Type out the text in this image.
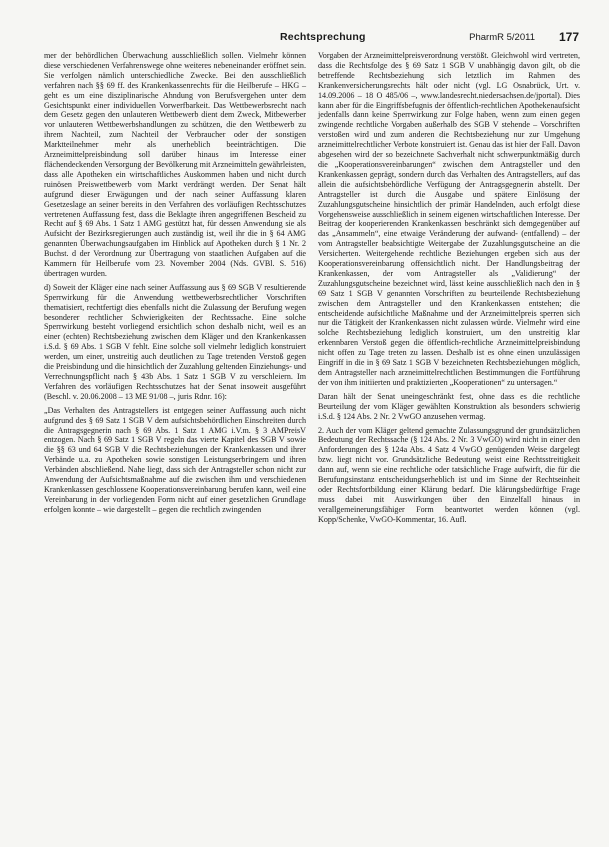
Rechtsprechung	PharmR 5/2011 177

mer der behördlichen Überwachung ausschließlich sollen. Vielmehr können diese verschiedenen Verfahrenswege ohne weiteres nebeneinander eröffnet sein. Sie verfolgen nämlich unterschiedliche Zwecke. Bei den ausschließlich verfahren nach §§ 69 ff. des Krankenkassenrechts für die Heilberufe – HKG – geht es um eine disziplinarische Ahndung von Berufsvergehen unter dem Gesichtspunkt einer individuellen Vorwerfbarkeit. Das Wettbewerbsrecht nach dem Gesetz gegen den unlauteren Wettbewerb dient dem Zweck, Mitbewerber vor unlauteren Wettbewerbshandlungen zu schützen, die den Wettbewerb zu ihrem Nachteil, zum Nachteil der Verbraucher oder der sonstigen Marktteilnehmer mehr als unerheblich beeinträchtigen. Die Arzneimittelpreisbindung soll darüber hinaus im Interesse einer flächendeckenden Versorgung der Bevölkerung mit Arzneimitteln gewährleisten, dass alle Apotheken ein wirtschaftliches Auskommen haben und nicht durch ruinösen Preiswettbewerb vom Markt verdrängt werden. Der Senat hält aufgrund dieser Erwägungen und der nach seiner Auffassung klaren Gesetzeslage an seiner bereits in den Verfahren des vorläufigen Rechtsschutzes vertretenen Auffassung fest, dass die Beklagte ihren angegriffenen Bescheid zu Recht auf § 69 Abs. 1 Satz 1 AMG gestützt hat, für dessen Anwendung sie als Aufsicht der Bezirksregierungen auch zuständig ist, weil ihr die in § 64 AMG genannten Überwachungsaufgaben im Hinblick auf Apotheken durch § 1 Nr. 2 Buchst. d der Verordnung zur Übertragung von staatlichen Aufgaben auf die Kammern für Heilberufe vom 23. November 2004 (Nds. GVBl. S. 516) übertragen wurden.

d) Soweit der Kläger eine nach seiner Auffassung aus § 69 SGB V resultierende Sperrwirkung für die Anwendung wettbewerbsrechtlicher Vorschriften thematisiert, rechtfertigt dies ebenfalls nicht die Zulassung der Berufung wegen besonderer rechtlicher Schwierigkeiten der Rechtssache. Eine solche Sperrwirkung besteht vorliegend ersichtlich schon deshalb nicht, weil es an einer (echten) Rechtsbeziehung zwischen dem Kläger und den Krankenkassen i.S.d. § 69 Abs. 1 SGB V fehlt. Eine solche soll vielmehr lediglich konstruiert werden, um einer, unstreitig auch deutlichen zu Tage tretenden Verstoß gegen die Preisbindung und die hinsichtlich der Zuzahlung geltenden Einziehungs- und Verrechnungspflicht nach § 43b Abs. 1 Satz 1 SGB V zu verschleiern. Im Verfahren des vorläufigen Rechtsschutzes hat der Senat insoweit ausgeführt (Beschl. v. 20.06.2008 – 13 ME 91/08 –, juris Rdnr. 16):

„Das Verhalten des Antragstellers ist entgegen seiner Auffassung auch nicht aufgrund des § 69 Satz 1 SGB V dem aufsichtsbehördlichen Einschreiten durch die Antragsgegnerin nach § 69 Abs. 1 Satz 1 AMG i.V.m. § 3 AMPreisV entzogen. Nach § 69 Satz 1 SGB V regeln das vierte Kapitel des SGB V sowie die §§ 63 und 64 SGB V die Rechtsbeziehungen der Krankenkassen und ihrer Verbände u.a. zu Apotheken sowie sonstigen Leistungserbringern und ihren Verbänden abschließend. Nahe liegt, dass sich der Antragsteller schon nicht zur Anwendung der Aufsichtsmaßnahme auf die zwischen ihm und verschiedenen Krankenkassen geschlossene Kooperationsvereinbarung berufen kann, weil eine Vereinbarung in der vorliegenden Form nicht auf einer gesetzlichen Grundlage erfolgen konnte – wie dargestellt – gegen die rechtlich zwingenden

Vorgaben der Arzneimittelpreisverordnung verstößt. Gleichwohl wird vertreten, dass die Rechtsfolge des § 69 Satz 1 SGB V unabhängig davon gilt, ob die betreffende Rechtsbeziehung sich letztlich im Rahmen des Krankenversicherungsrechts hält oder nicht (vgl. LG Osnabrück, Urt. v. 14.09.2006 – 18 O 485/06 –, www.landesrecht.niedersachsen.de/jportal). Dies kann aber für die Eingriffsbefugnis der öffentlich-rechtlichen Apothekenaufsicht jedenfalls dann keine Sperrwirkung zur Folge haben, wenn zum einen gegen zwingende rechtliche Vorgaben außerhalb des SGB V stehende – Vorschriften verstoßen wird und zum anderen die Rechtsbeziehung nur zur Umgehung arzneimittelrechtlicher Verbote konstruiert ist. Genau das ist hier der Fall. Davon abgesehen wird der so bezeichnete Sachverhalt nicht schwerpunktmäßig durch die „Kooperationsvereinbarungen“ zwischen dem Antragsteller und den Krankenkassen geprägt, sondern durch das Verhalten des Antragstellers, auf das allein die aufsichtsbehördliche Verfügung der Antragsgegnerin abstellt. Der Antragsteller ist durch die Ausgabe und spätere Einlösung der Zuzahlungsgutscheine hinsichtlich der primär Handelnden, auch erfolgt diese Vorgehensweise ausschließlich in seinem eigenen wirtschaftlichen Interesse. Der Beitrag der kooperierenden Krankenkassen beschränkt sich demgegenüber auf das „Ansammeln“, eine etwaige Veränderung der aufwand- (entfallend) – der vom Antragsteller beabsichtigte Weitergabe der Zuzahlungsgutscheine an die Versicherten. Weitergehende rechtliche Beziehungen ergeben sich aus der Kooperationsvereinbarung offensichtlich nicht. Der Handlungsbeitrag der Krankenkassen, der vom Antragsteller als „Validierung“ der Zuzahlungsgutscheine bezeichnet wird, lässt keine ausschließlich nach den in § 69 Satz 1 SGB V genannten Vorschriften zu beurteilende Rechtsbeziehung zwischen dem Antragsteller und den Krankenkassen entstehen; die entscheidende aufsichtliche Maßnahme und der Arzneimittelpreis sperren sich nur die Tätigkeit der Krankenkassen nicht zulassen würde. Vielmehr wird eine solche Rechtsbeziehung lediglich konstruiert, um den unstreitig klar erkennbaren Verstoß gegen die öffentlich-rechtliche Arzneimittelpreisbindung nicht offen zu Tage treten zu lassen. Deshalb ist es ohne einen unzulässigen Eingriff in die in § 69 Satz 1 SGB V bezeichneten Rechtsbeziehungen möglich, dem Antragsteller nach arzneimittelrechtlichen Bestimmungen die Fortführung der von ihm initiierten und praktizierten „Kooperationen“ zu untersagen.“

Daran hält der Senat uneingeschränkt fest, ohne dass es die rechtliche Beurteilung der vom Kläger gewählten Konstruktion als besonders schwierig i.S.d. § 124 Abs. 2 Nr. 2 VwGO anzusehen vermag.

2. Auch der vom Kläger geltend gemachte Zulassungsgrund der grundsätzlichen Bedeutung der Rechtssache (§ 124 Abs. 2 Nr. 3 VwGO) wird nicht in einer den Anforderungen des § 124a Abs. 4 Satz 4 VwGO genügenden Weise dargelegt bzw. liegt nicht vor. Grundsätzliche Bedeutung weist eine Rechtsstreitigkeit dann auf, wenn sie eine rechtliche oder tatsächliche Frage aufwirft, die für die Berufungsinstanz entscheidungserheblich ist und im Sinne der Rechtseinheit oder Rechtsfortbildung einer Klärung bedarf. Die klärungsbedürftige Frage muss dabei mit Auswirkungen über den Einzelfall hinaus in verallgemeinerungsfähiger Form beantwortet werden können (vgl. Kopp/Schenke, VwGO-Kommentar, 16. Aufl.
